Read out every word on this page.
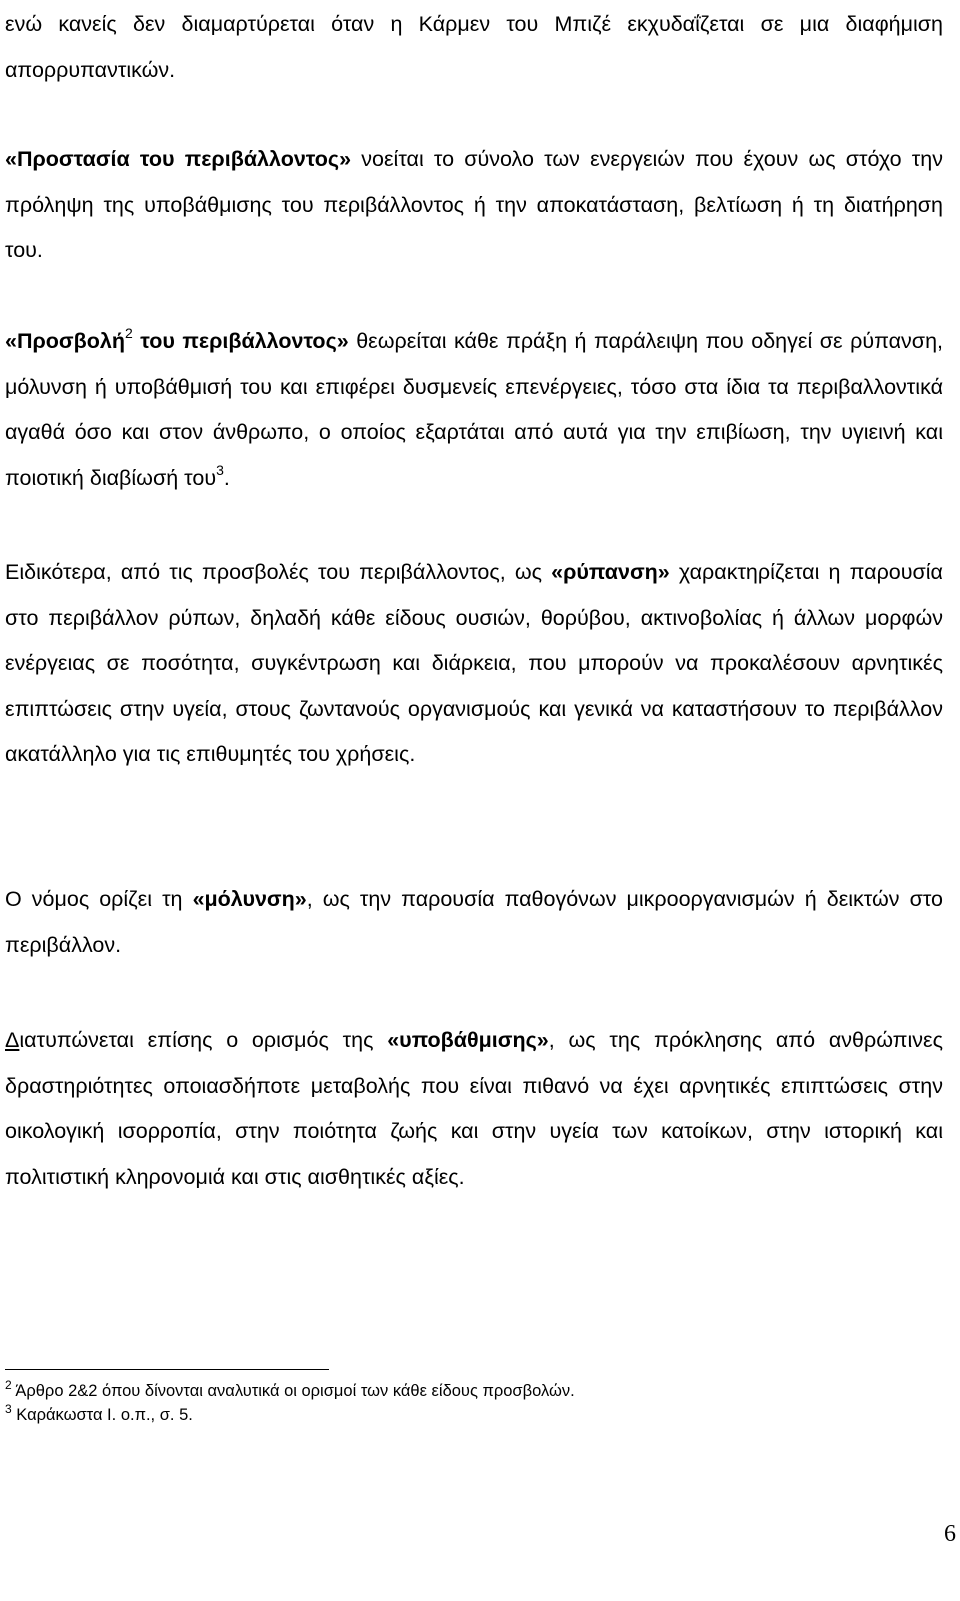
ενώ κανείς δεν διαμαρτύρεται όταν η Κάρμεν του Μπιζέ εκχυδαΐζεται σε μια διαφήμιση απορρυπαντικών.

«Προστασία του περιβάλλοντος» νοείται το σύνολο των ενεργειών που έχουν ως στόχο την πρόληψη της υποβάθμισης του περιβάλλοντος ή την αποκατάσταση, βελτίωση ή τη διατήρηση του.

«Προσβολή$^2$ του περιβάλλοντος» θεωρείται κάθε πράξη ή παράλειψη που οδηγεί σε ρύπανση, μόλυνση ή υποβάθμισή του και επιφέρει δυσμενείς επενέργειες, τόσο στα ίδια τα περιβαλλοντικά αγαθά όσο και στον άνθρωπο, ο οποίος εξαρτάται από αυτά για την επιβίωση, την υγιεινή και ποιοτική διαβίωσή του$^3$.

Ειδικότερα, από τις προσβολές του περιβάλλοντος, ως «ρύπανση» χαρακτηρίζεται η παρουσία στο περιβάλλον ρύπων, δηλαδή κάθε είδους ουσιών, θορύβου, ακτινοβολίας ή άλλων μορφών ενέργειας σε ποσότητα, συγκέντρωση και διάρκεια, που μπορούν να προκαλέσουν αρνητικές επιπτώσεις στην υγεία, στους ζωντανούς οργανισμούς και γενικά να καταστήσουν το περιβάλλον ακατάλληλο για τις επιθυμητές του χρήσεις.

Ο νόμος ορίζει τη «μόλυνση», ως την παρουσία παθογόνων μικροοργανισμών ή δεικτών στο περιβάλλον.

Διατυπώνεται επίσης ο ορισμός της «υποβάθμισης», ως της πρόκλησης από ανθρώπινες δραστηριότητες οποιασδήποτε μεταβολής που είναι πιθανό να έχει αρνητικές επιπτώσεις στην οικολογική ισορροπία, στην ποιότητα ζωής και στην υγεία των κατοίκων, στην ιστορική και πολιτιστική κληρονομιά και στις αισθητικές αξίες.

$^2$ Άρθρο 2&2 όπου δίνονται αναλυτικά οι ορισμοί των κάθε είδους προσβολών.

$^3$ Καράκωστα Ι. ο.π., σ. 5.

6
